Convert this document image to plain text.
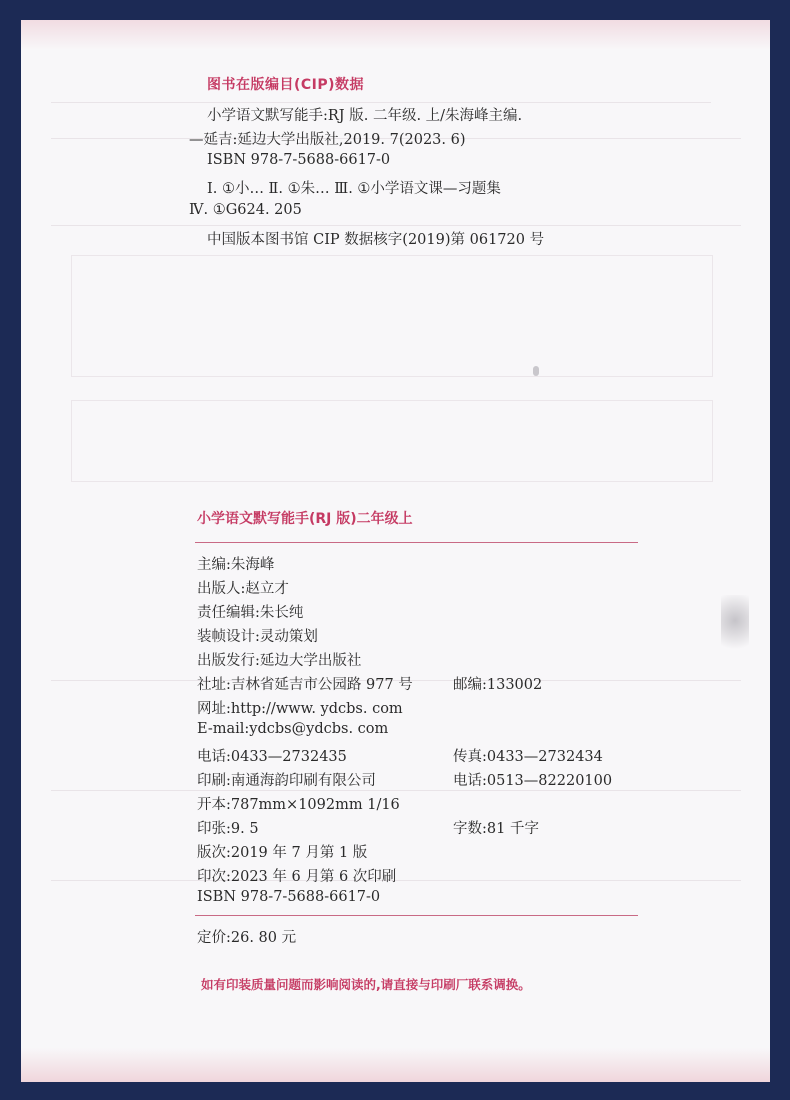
图书在版编目(CIP)数据
小学语文默写能手:RJ 版. 二年级. 上/朱海峰主编.
—延吉:延边大学出版社,2019. 7(2023. 6)
ISBN 978-7-5688-6617-0
Ⅰ. ①小… Ⅱ. ①朱… Ⅲ. ①小学语文课—习题集
Ⅳ. ①G624. 205
中国版本图书馆 CIP 数据核字(2019)第 061720 号
小学语文默写能手(RJ 版)二年级上
主编:朱海峰
出版人:赵立才
责任编辑:朱长纯
装帧设计:灵动策划
出版发行:延边大学出版社
社址:吉林省延吉市公园路 977 号	邮编:133002
网址:http://www. ydcbs. com
E-mail:ydcbs@ydcbs. com
电话:0433—2732435	传真:0433—2732434
印刷:南通海韵印刷有限公司	电话:0513—82220100
开本:787mm×1092mm 1/16
印张:9. 5	字数:81 千字
版次:2019 年 7 月第 1 版
印次:2023 年 6 月第 6 次印刷
ISBN 978-7-5688-6617-0
定价:26. 80 元
如有印装质量问题而影响阅读的,请直接与印刷厂联系调换。
